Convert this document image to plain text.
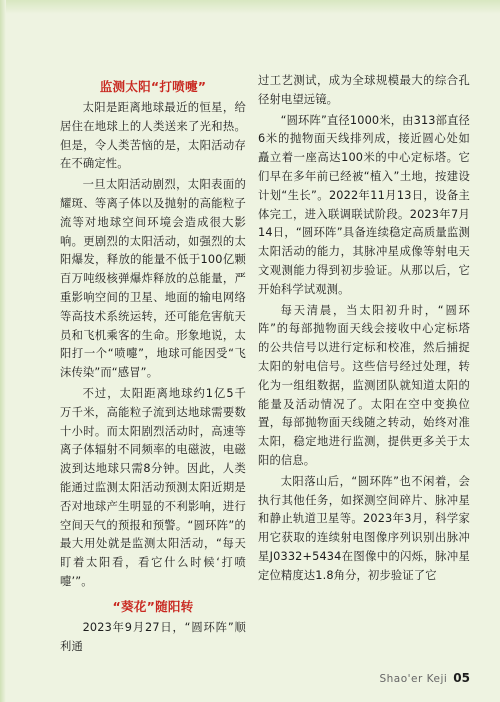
监测太阳“打喷嚏”

太阳是距离地球最近的恒星，给居住在地球上的人类送来了光和热。但是，令人类苦恼的是，太阳活动存在不确定性。

一旦太阳活动剧烈，太阳表面的耀斑、等离子体以及抛射的高能粒子流等对地球空间环境会造成很大影响。更剧烈的太阳活动，如强烈的太阳爆发，释放的能量不低于100亿颗百万吨级核弹爆炸释放的总能量，严重影响空间的卫星、地面的输电网络等高技术系统运转，还可能危害航天员和飞机乘客的生命。形象地说，太阳打一个“喷嚏”，地球可能因受“飞沫传染”而“感冒”。

不过，太阳距离地球约1亿5千万千米，高能粒子流到达地球需要数十小时。而太阳剧烈活动时，高速等离子体辐射不同频率的电磁波，电磁波到达地球只需8分钟。因此，人类能通过监测太阳活动预测太阳近期是否对地球产生明显的不利影响，进行空间天气的预报和预警。“圆环阵”的最大用处就是监测太阳活动，“每天盯着太阳看，看它什么时候‘打喷嚏’”。

“葵花”随阳转

2023年9月27日，“圆环阵”顺利通

过工艺测试，成为全球规模最大的综合孔径射电望远镜。

“圆环阵”直径1000米，由313部直径6米的抛物面天线排列成，接近圆心处如矗立着一座高达100米的中心定标塔。它们早在多年前已经被“植入”土地，按建设计划“生长”。2022年11月13日，设备主体完工，进入联调联试阶段。2023年7月14日，“圆环阵”具备连续稳定高质量监测太阳活动的能力，其脉冲星成像等射电天文观测能力得到初步验证。从那以后，它开始科学试观测。

每天清晨，当太阳初升时，“圆环阵”的每部抛物面天线会接收中心定标塔的公共信号以进行定标和校准，然后捕捉太阳的射电信号。这些信号经过处理，转化为一组组数据，监测团队就知道太阳的能量及活动情况了。太阳在空中变换位置，每部抛物面天线随之转动，始终对准太阳，稳定地进行监测，提供更多关于太阳的信息。

太阳落山后，“圆环阵”也不闲着，会执行其他任务，如探测空间碎片、脉冲星和静止轨道卫星等。2023年3月，科学家用它获取的连续射电图像序列识别出脉冲星J0332+5434在图像中的闪烁，脉冲星定位精度达1.8角分，初步验证了它

Shao'er Keji 05
